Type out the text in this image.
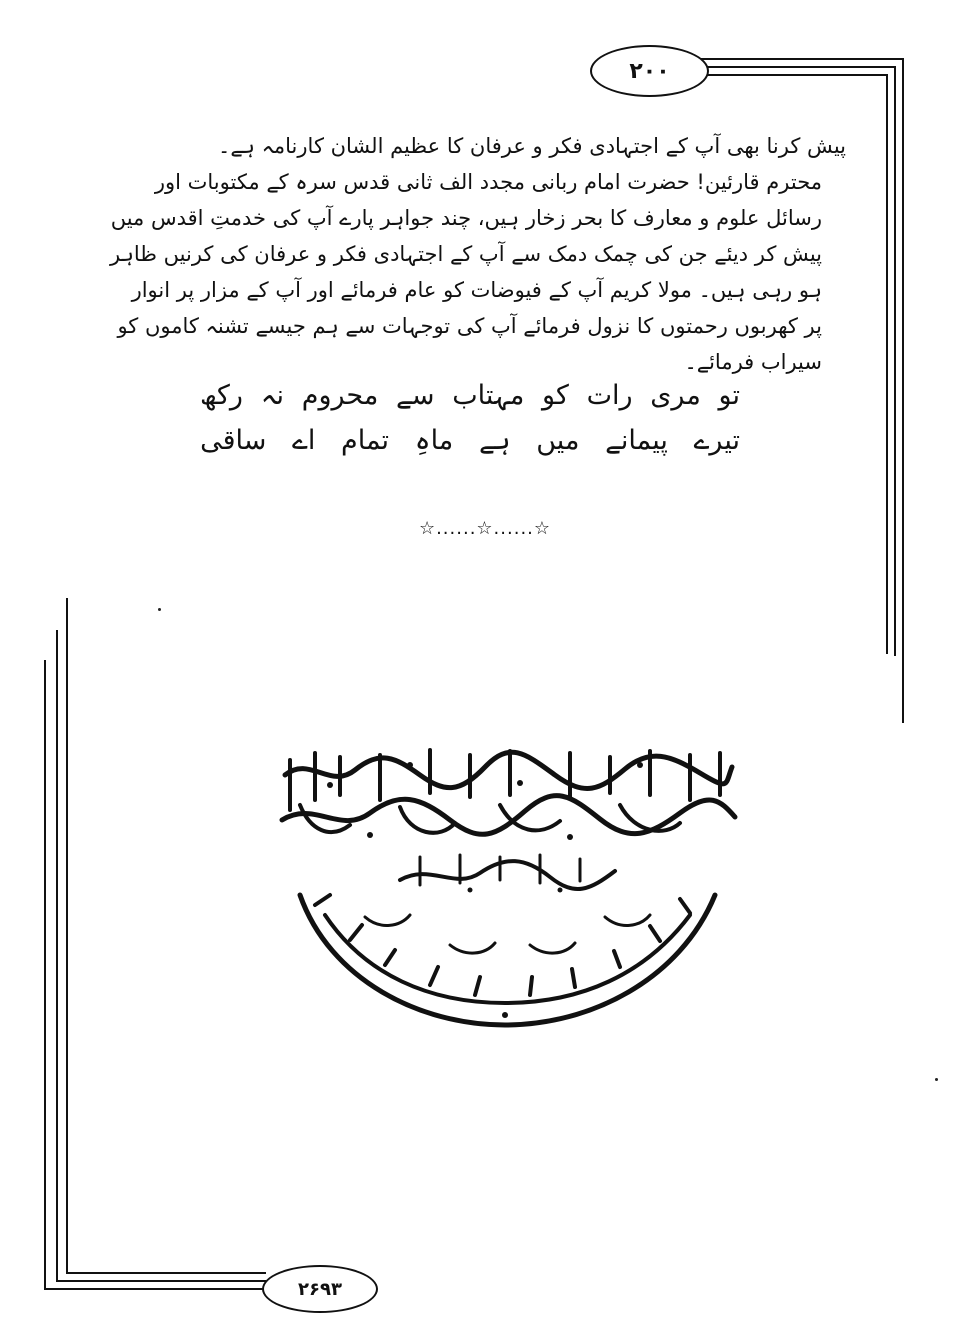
۲۰۰

پیش کرنا بھی آپ کے اجتہادی فکر و عرفان کا عظیم الشان کارنامہ ہے۔

محترم قارئین! حضرت امام ربانی مجدد الف ثانی قدس سرہ کے مکتوبات اور رسائل علوم و معارف کا بحر زخار ہیں، چند جواہر پارے آپ کی خدمتِ اقدس میں پیش کر دیئے جن کی چمک دمک سے آپ کے اجتہادی فکر و عرفان کی کرنیں ظاہر ہو رہی ہیں۔ مولا کریم آپ کے فیوضات کو عام فرمائے اور آپ کے مزار پر انوار پر کھربوں رحمتوں کا نزول فرمائے آپ کی توجہات سے ہم جیسے تشنہ کاموں کو سیراب فرمائے۔

تو
مری
رات
کو
مہتاب
سے
محروم
نہ
رکھ
تیرے
پیمانے
میں
ہے
ماہِ
تمام
اے
ساقی
☆......☆......☆
۲۶۹۳
